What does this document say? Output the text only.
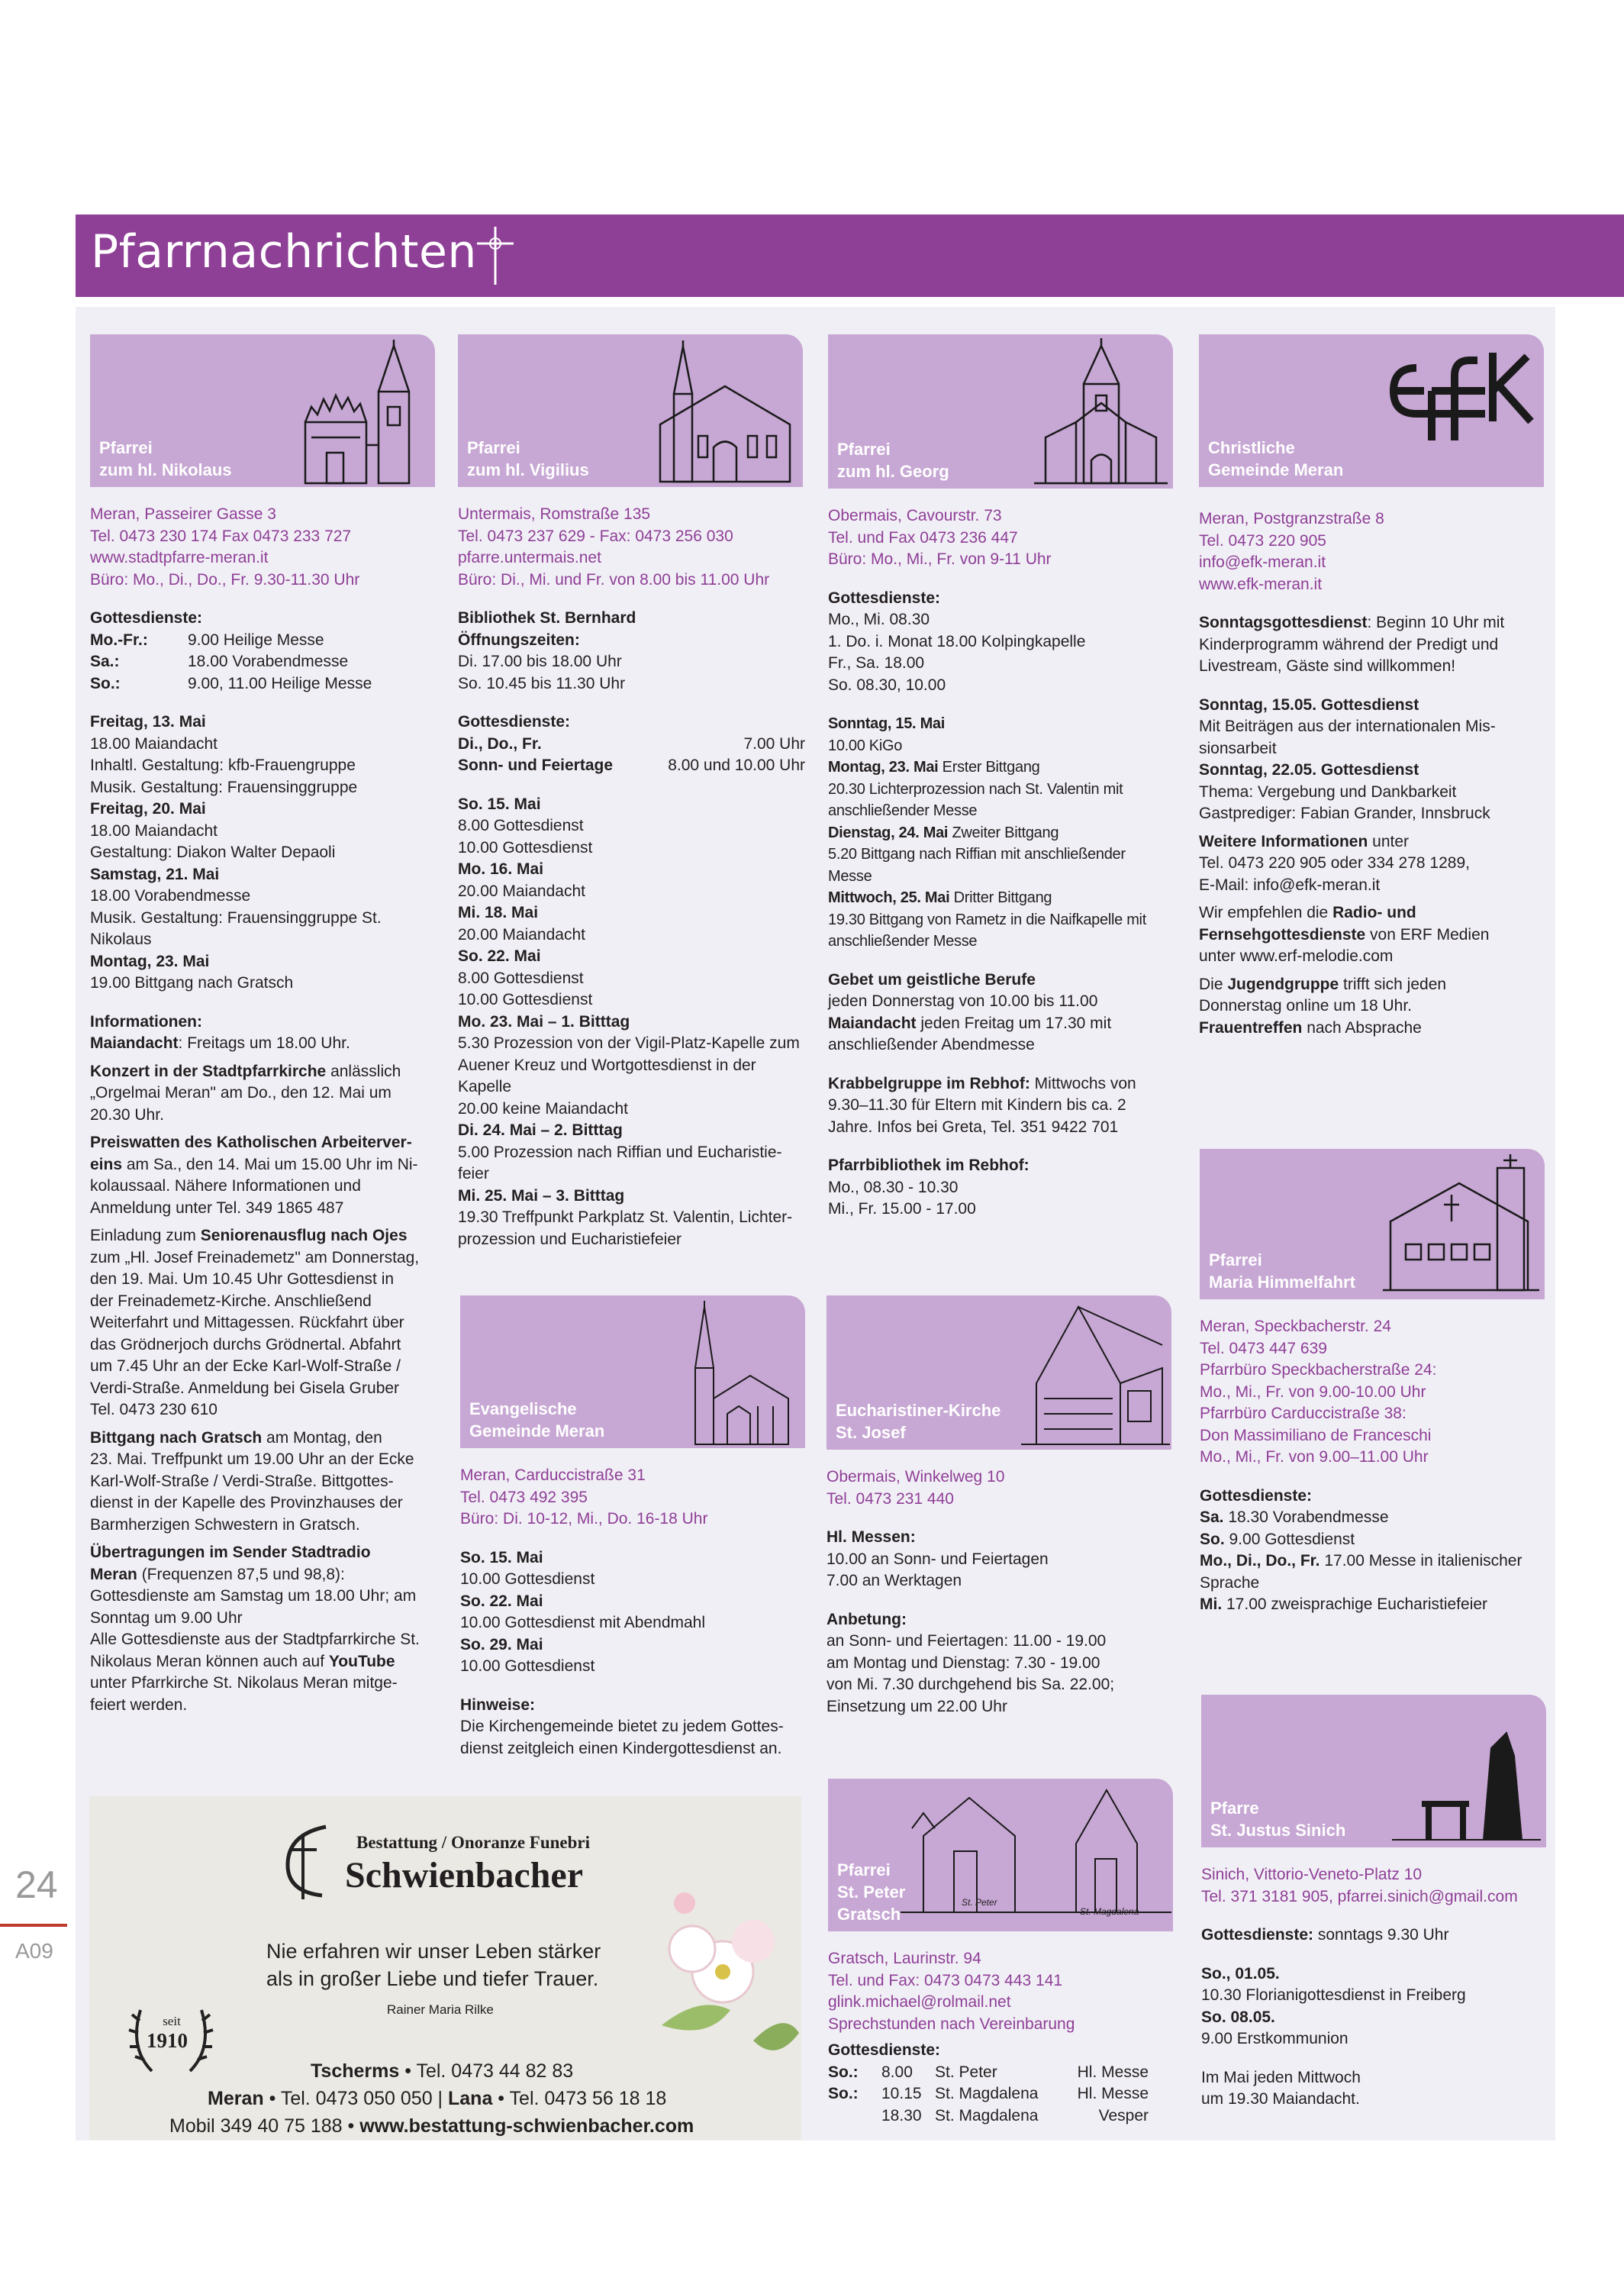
Pfarrnachrichten
24
A09
Pfarrei
zum hl. Nikolaus
Meran, Passeirer Gasse 3
Tel. 0473 230 174 Fax 0473 233 727
www.stadtpfarre-meran.it
Büro: Mo., Di., Do., Fr. 9.30-11.30 Uhr
Gottesdienste:
Mo.-Fr.:	9.00 Heilige Messe
Sa.:	18.00 Vorabendmesse
So.:	9.00, 11.00 Heilige Messe
Freitag, 13. Mai
18.00 Maiandacht
Inhaltl. Gestaltung: kfb-Frauengruppe
Musik. Gestaltung: Frauensinggruppe
Freitag, 20. Mai
18.00 Maiandacht
Gestaltung: Diakon Walter Depaoli
Samstag, 21. Mai
18.00 Vorabendmesse
Musik. Gestaltung: Frauensinggruppe St.
Nikolaus
Montag, 23. Mai
19.00 Bittgang nach Gratsch
Informationen:
Maiandacht: Freitags um 18.00 Uhr.
Konzert in der Stadtpfarrkirche anlässlich
„Orgelmai Meran" am Do., den 12. Mai um
20.30 Uhr.
Preiswatten des Katholischen Arbeiterver-
eins am Sa., den 14. Mai um 15.00 Uhr im Ni-
kolaussaal. Nähere Informationen und
Anmeldung unter Tel. 349 1865 487
Einladung zum Seniorenausflug nach Ojes
zum „Hl. Josef Freinademetz" am Donnerstag,
den 19. Mai. Um 10.45 Uhr Gottesdienst in
der Freinademetz-Kirche. Anschließend
Weiterfahrt und Mittagessen. Rückfahrt über
das Grödnerjoch durchs Grödnertal. Abfahrt
um 7.45 Uhr an der Ecke Karl-Wolf-Straße /
Verdi-Straße. Anmeldung bei Gisela Gruber
Tel. 0473 230 610
Bittgang nach Gratsch am Montag, den
23. Mai. Treffpunkt um 19.00 Uhr an der Ecke
Karl-Wolf-Straße / Verdi-Straße. Bittgottes-
dienst in der Kapelle des Provinzhauses der
Barmherzigen Schwestern in Gratsch.
Übertragungen im Sender Stadtradio
Meran (Frequenzen 87,5 und 98,8):
Gottesdienste am Samstag um 18.00 Uhr; am
Sonntag um 9.00 Uhr
Alle Gottesdienste aus der Stadtpfarrkirche St.
Nikolaus Meran können auch auf YouTube
unter Pfarrkirche St. Nikolaus Meran mitge-
feiert werden.
Pfarrei
zum hl. Vigilius
Untermais, Romstraße 135
Tel. 0473 237 629 - Fax: 0473 256 030
pfarre.untermais.net
Büro: Di., Mi. und Fr. von 8.00 bis 11.00 Uhr
Bibliothek St. Bernhard
Öffnungszeiten:
Di. 17.00 bis 18.00 Uhr
So. 10.45 bis 11.30 Uhr
Gottesdienste:
Di., Do., Fr.	7.00 Uhr
Sonn- und Feiertage	8.00 und 10.00 Uhr
So. 15. Mai
8.00 Gottesdienst
10.00 Gottesdienst
Mo. 16. Mai
20.00 Maiandacht
Mi. 18. Mai
20.00 Maiandacht
So. 22. Mai
8.00 Gottesdienst
10.00 Gottesdienst
Mo. 23. Mai – 1. Bitttag
5.30 Prozession von der Vigil-Platz-Kapelle zum
Auener Kreuz und Wortgottesdienst in der
Kapelle
20.00 keine Maiandacht
Di. 24. Mai – 2. Bitttag
5.00 Prozession nach Riffian und Eucharistie-
feier
Mi. 25. Mai – 3. Bitttag
19.30 Treffpunkt Parkplatz St. Valentin, Lichter-
prozession und Eucharistiefeier
Evangelische
Gemeinde Meran
Meran, Carduccistraße 31
Tel. 0473 492 395
Büro: Di. 10-12, Mi., Do. 16-18 Uhr
So. 15. Mai
10.00 Gottesdienst
So. 22. Mai
10.00 Gottesdienst mit Abendmahl
So. 29. Mai
10.00 Gottesdienst
Hinweise:
Die Kirchengemeinde bietet zu jedem Gottes-
dienst zeitgleich einen Kindergottesdienst an.
Pfarrei
zum hl. Georg
Obermais, Cavourstr. 73
Tel. und Fax 0473 236 447
Büro: Mo., Mi., Fr. von 9-11 Uhr
Gottesdienste:
Mo., Mi. 08.30
1. Do. i. Monat 18.00 Kolpingkapelle
Fr., Sa. 18.00
So. 08.30, 10.00
Sonntag, 15. Mai
10.00 KiGo
Montag, 23. Mai Erster Bittgang
20.30 Lichterprozession nach St. Valentin mit
anschließender Messe
Dienstag, 24. Mai Zweiter Bittgang
5.20 Bittgang nach Riffian mit anschließender
Messe
Mittwoch, 25. Mai Dritter Bittgang
19.30 Bittgang von Rametz in die Naifkapelle mit
anschließender Messe
Gebet um geistliche Berufe
jeden Donnerstag von 10.00 bis 11.00
Maiandacht jeden Freitag um 17.30 mit
anschließender Abendmesse
Krabbelgruppe im Rebhof: Mittwochs von
9.30–11.30 für Eltern mit Kindern bis ca. 2
Jahre. Infos bei Greta, Tel. 351 9422 701
Pfarrbibliothek im Rebhof:
Mo., 08.30 - 10.30
Mi., Fr. 15.00 - 17.00
Eucharistiner-Kirche
St. Josef
Obermais, Winkelweg 10
Tel. 0473 231 440
Hl. Messen:
10.00 an Sonn- und Feiertagen
7.00 an Werktagen
Anbetung:
an Sonn- und Feiertagen: 11.00 - 19.00
am Montag und Dienstag: 7.30 - 19.00
von Mi. 7.30 durchgehend bis Sa. 22.00;
Einsetzung um 22.00 Uhr
St. Peter
St. Magdalena
Pfarrei
St. Peter
Gratsch
Gratsch, Laurinstr. 94
Tel. und Fax: 0473 0473 443 141
glink.michael@rolmail.net
Sprechstunden nach Vereinbarung
Gottesdienste:
So.:	8.00	St. Peter	Hl. Messe
So.:	10.15 St. Magdalena	Hl. Messe
18.30 St. Magdalena	Vesper
Christliche
Gemeinde Meran
Meran, Postgranzstraße 8
Tel. 0473 220 905
info@efk-meran.it
www.efk-meran.it
Sonntagsgottesdienst: Beginn 10 Uhr mit
Kinderprogramm während der Predigt und
Livestream, Gäste sind willkommen!
Sonntag, 15.05. Gottesdienst
Mit Beiträgen aus der internationalen Mis-
sionsarbeit
Sonntag, 22.05. Gottesdienst
Thema: Vergebung und Dankbarkeit
Gastprediger: Fabian Grander, Innsbruck
Weitere Informationen unter
Tel. 0473 220 905 oder 334 278 1289,
E-Mail: info@efk-meran.it
Wir empfehlen die Radio- und
Fernsehgottesdienste von ERF Medien
unter www.erf-melodie.com
Die Jugendgruppe trifft sich jeden
Donnerstag online um 18 Uhr.
Frauentreffen nach Absprache
Pfarrei
Maria Himmelfahrt
Meran, Speckbacherstr. 24
Tel. 0473 447 639
Pfarrbüro Speckbacherstraße 24:
Mo., Mi., Fr. von 9.00-10.00 Uhr
Pfarrbüro Carduccistraße 38:
Don Massimiliano de Franceschi
Mo., Mi., Fr. von 9.00–11.00 Uhr
Gottesdienste:
Sa. 18.30 Vorabendmesse
So. 9.00 Gottesdienst
Mo., Di., Do., Fr. 17.00 Messe in italienischer
Sprache
Mi. 17.00 zweisprachige Eucharistiefeier
Pfarre
St. Justus Sinich
Sinich, Vittorio-Veneto-Platz 10
Tel. 371 3181 905, pfarrei.sinich@gmail.com
Gottesdienste: sonntags 9.30 Uhr
So., 01.05.
10.30 Florianigottesdienst in Freiberg
So. 08.05.
9.00 Erstkommunion
Im Mai jeden Mittwoch
um 19.30 Maiandacht.
Bestattung / Onoranze Funebri
Schwienbacher
Nie erfahren wir unser Leben stärker
als in großer Liebe und tiefer Trauer.
Rainer Maria Rilke
seit
1910
Tscherms • Tel. 0473 44 82 83
Meran • Tel. 0473 050 050 | Lana • Tel. 0473 56 18 18
Mobil 349 40 75 188 • www.bestattung-schwienbacher.com
